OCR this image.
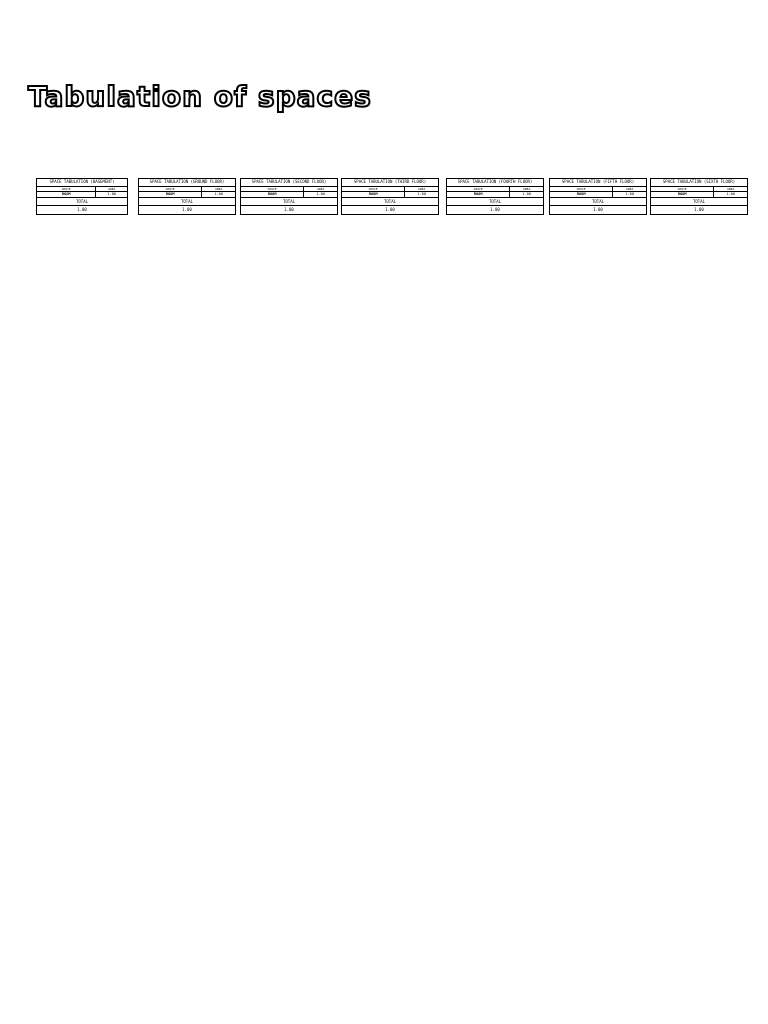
Tabulation of spaces
SPACE TABULATION (BASEMENT)
SPACE	AREA
ROOM	1.00
TOTAL
1.00
SPACE TABULATION (GROUND FLOOR)
SPACE	AREA
ROOM	1.00
TOTAL
1.00
SPACE TABULATION (SECOND FLOOR)
SPACE	AREA
ROOM	1.00
TOTAL
1.00
SPACE TABULATION (THIRD FLOOR)
SPACE	AREA
ROOM	1.00
TOTAL
1.00
SPACE TABULATION (FOURTH FLOOR)
SPACE	AREA
ROOM	1.00
TOTAL
1.00
SPACE TABULATION (FIFTH FLOOR)
SPACE	AREA
ROOM	1.00
TOTAL
1.00
SPACE TABULATION (SIXTH FLOOR)
SPACE	AREA
ROOM	1.00
TOTAL
1.00
